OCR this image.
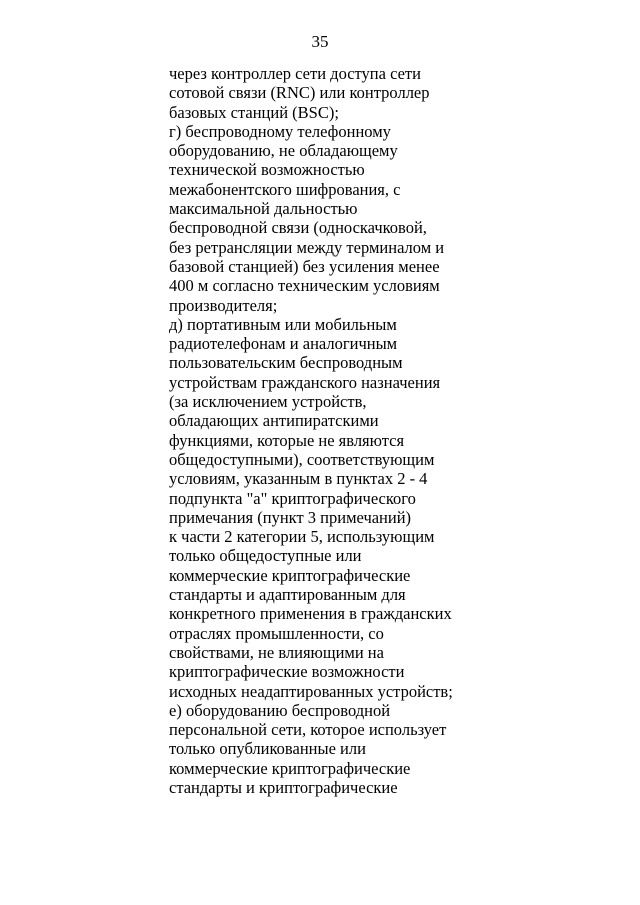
35
через контроллер сети доступа сети
сотовой связи (RNC) или контроллер
базовых станций (BSC);
г) беспроводному телефонному
оборудованию, не обладающему
технической возможностью
межабонентского шифрования, с
максимальной дальностью
беспроводной связи (односкачковой,
без ретрансляции между терминалом и
базовой станцией) без усиления менее
400 м согласно техническим условиям
производителя;
д) портативным или мобильным
радиотелефонам и аналогичным
пользовательским беспроводным
устройствам гражданского назначения
(за исключением устройств,
обладающих антипиратскими
функциями, которые не являются
общедоступными), соответствующим
условиям, указанным в пунктах 2 - 4
подпункта "а" криптографического
примечания (пункт 3 примечаний)
к части 2 категории 5, использующим
только общедоступные или
коммерческие криптографические
стандарты и адаптированным для
конкретного применения в гражданских
отраслях промышленности, со
свойствами, не влияющими на
криптографические возможности
исходных неадаптированных устройств;
е) оборудованию беспроводной
персональной сети, которое использует
только опубликованные или
коммерческие криптографические
стандарты и криптографические
